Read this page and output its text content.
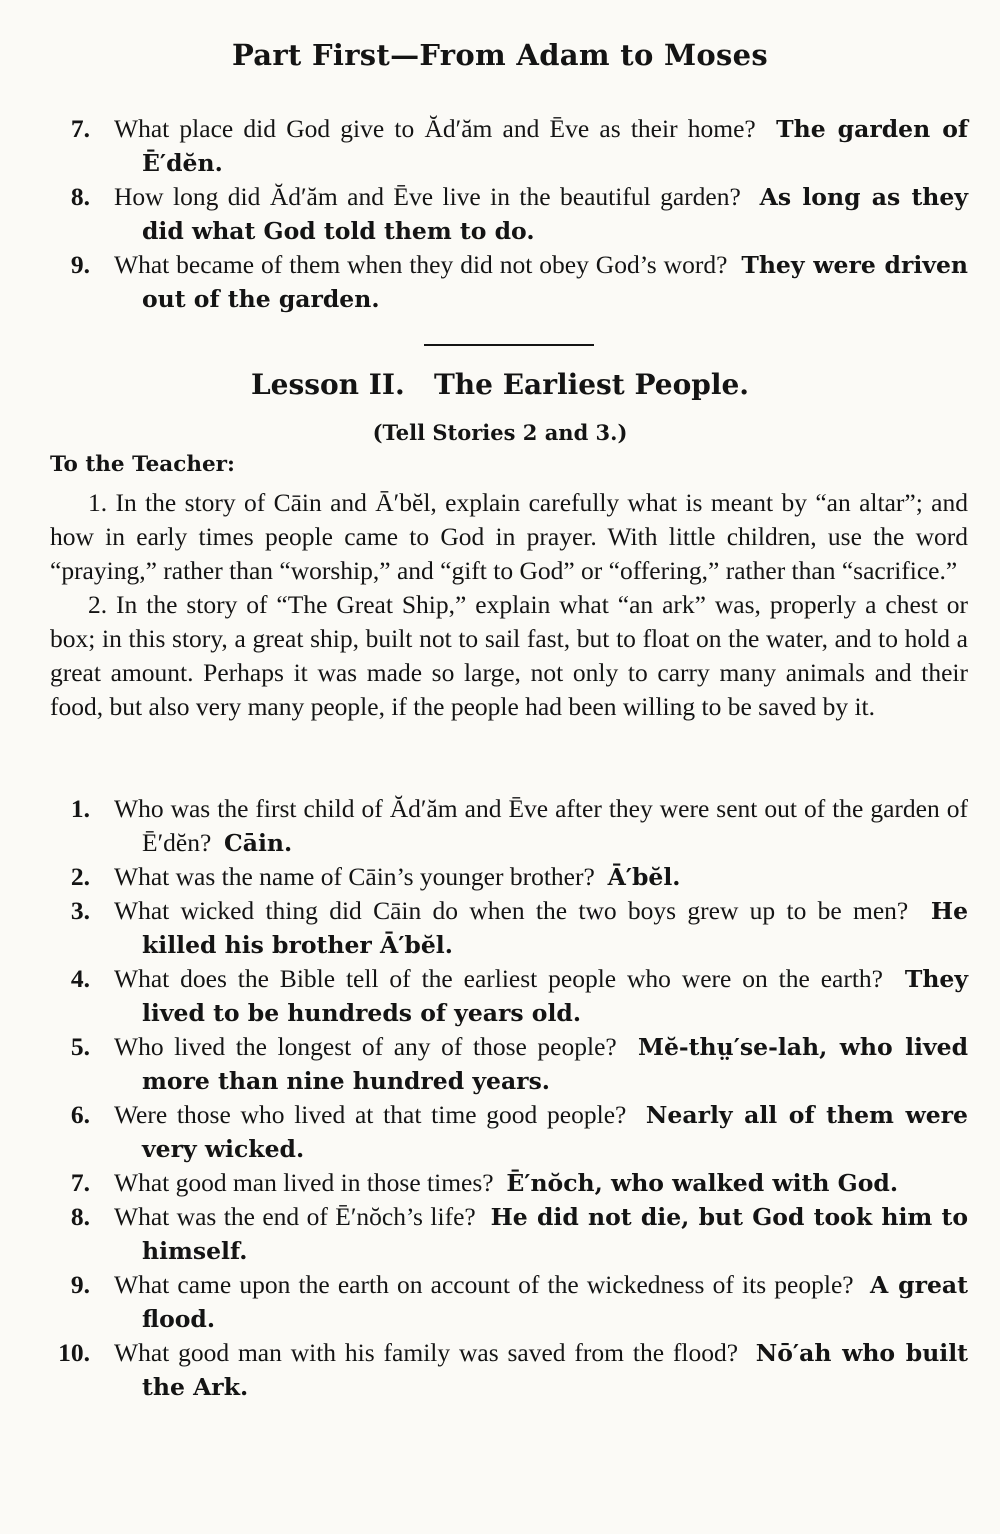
Part First—From Adam to Moses
7. What place did God give to Ăd′ăm and Ēve as their home? The garden of Ē′dĕn.
8. How long did Ăd′ăm and Ēve live in the beautiful garden? As long as they did what God told them to do.
9. What became of them when they did not obey God’s word? They were driven out of the garden.
Lesson II.   The Earliest People.
(Tell Stories 2 and 3.)
To the Teacher:

1. In the story of Cāin and Ā′bĕl, explain carefully what is meant by “an altar”; and how in early times people came to God in prayer. With little children, use the word “praying,” rather than “worship,” and “gift to God” or “offering,” rather than “sacrifice.”

2. In the story of “The Great Ship,” explain what “an ark” was, properly a chest or box; in this story, a great ship, built not to sail fast, but to float on the water, and to hold a great amount. Perhaps it was made so large, not only to carry many animals and their food, but also very many people, if the people had been willing to be saved by it.

1. Who was the first child of Ăd′ăm and Ēve after they were sent out of the garden of Ē′dĕn? Cāin.
2. What was the name of Cāin’s younger brother? Ā′bĕl.
3. What wicked thing did Cāin do when the two boys grew up to be men? He killed his brother Ā′bĕl.
4. What does the Bible tell of the earliest people who were on the earth? They lived to be hundreds of years old.
5. Who lived the longest of any of those people? Mĕ-thṳ′se-lah, who lived more than nine hundred years.
6. Were those who lived at that time good people? Nearly all of them were very wicked.
7. What good man lived in those times? Ē′nŏch, who walked with God.
8. What was the end of Ē′nŏch’s life? He did not die, but God took him to himself.
9. What came upon the earth on account of the wickedness of its people? A great flood.
10. What good man with his family was saved from the flood? Nō′ah who built the Ark.
